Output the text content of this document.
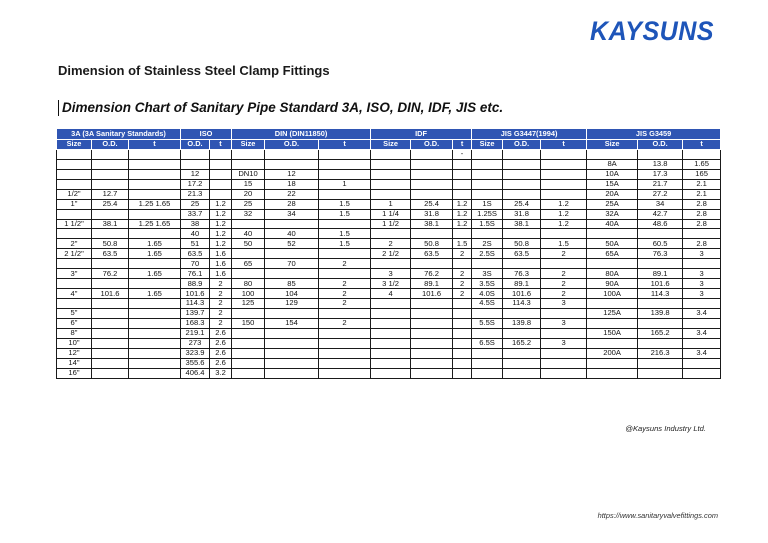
KAYSUNS
Dimension of Stainless Steel Clamp Fittings
Dimension Chart of Sanitary Pipe Standard 3A, ISO, DIN, IDF, JIS etc.
3A (3A Sanitary Standards)			ISO		DIN (DIN11850)			IDF			JIS G3447(1994)			JIS G3459		
Size	O.D.	t	O.D.	t	Size	O.D.	t	Size	O.D.	t	Size	O.D.	t	Size	O.D.	t
										-						
														8A	13.8	1.65
			12		DN10	12								10A	17.3	165
			17.2		15	18	1							15A	21.7	2.1
1/2"	12.7		21.3		20	22								20A	27.2	2.1
1"	25.4	1.25 1.65	25	1.2	25	28	1.5	1	25.4	1.2	1S	25.4	1.2	25A	34	2.8
			33.7	1.2	32	34	1.5	1 1/4	31.8	1.2	1.25S	31.8	1.2	32A	42.7	2.8
1 1/2"	38.1	1.25 1.65	38	1.2				1 1/2	38.1	1.2	1.5S	38.1	1.2	40A	48.6	2.8
			40	1.2	40	40	1.5									
2"	50.8	1.65	51	1.2	50	52	1.5	2	50.8	1.5	2S	50.8	1.5	50A	60.5	2.8
2 1/2"	63.5	1.65	63.5	1.6				2 1/2	63.5	2	2.5S	63.5	2	65A	76.3	3
			70	1.6	65	70	2									
3"	76.2	1.65	76.1	1.6				3	76.2	2	3S	76.3	2	80A	89.1	3
			88.9	2	80	85	2	3 1/2	89.1	2	3.5S	89.1	2	90A	101.6	3
4"	101.6	1.65	101.6	2	100	104	2	4	101.6	2	4.0S	101.6	2	100A	114.3	3
			114.3	2	125	129	2				4.5S	114.3	3			
5"			139.7	2										125A	139.8	3.4
6"			168.3	2	150	154	2				5.5S	139.8	3			
8"			219.1	2.6										150A	165.2	3.4
10"			273	2.6							6.5S	165.2	3			
12"			323.9	2.6										200A	216.3	3.4
14"			355.6	2.6												
16"			406.4	3.2												

@Kaysuns Industry Ltd.

https://www.sanitaryvalvefittings.com
